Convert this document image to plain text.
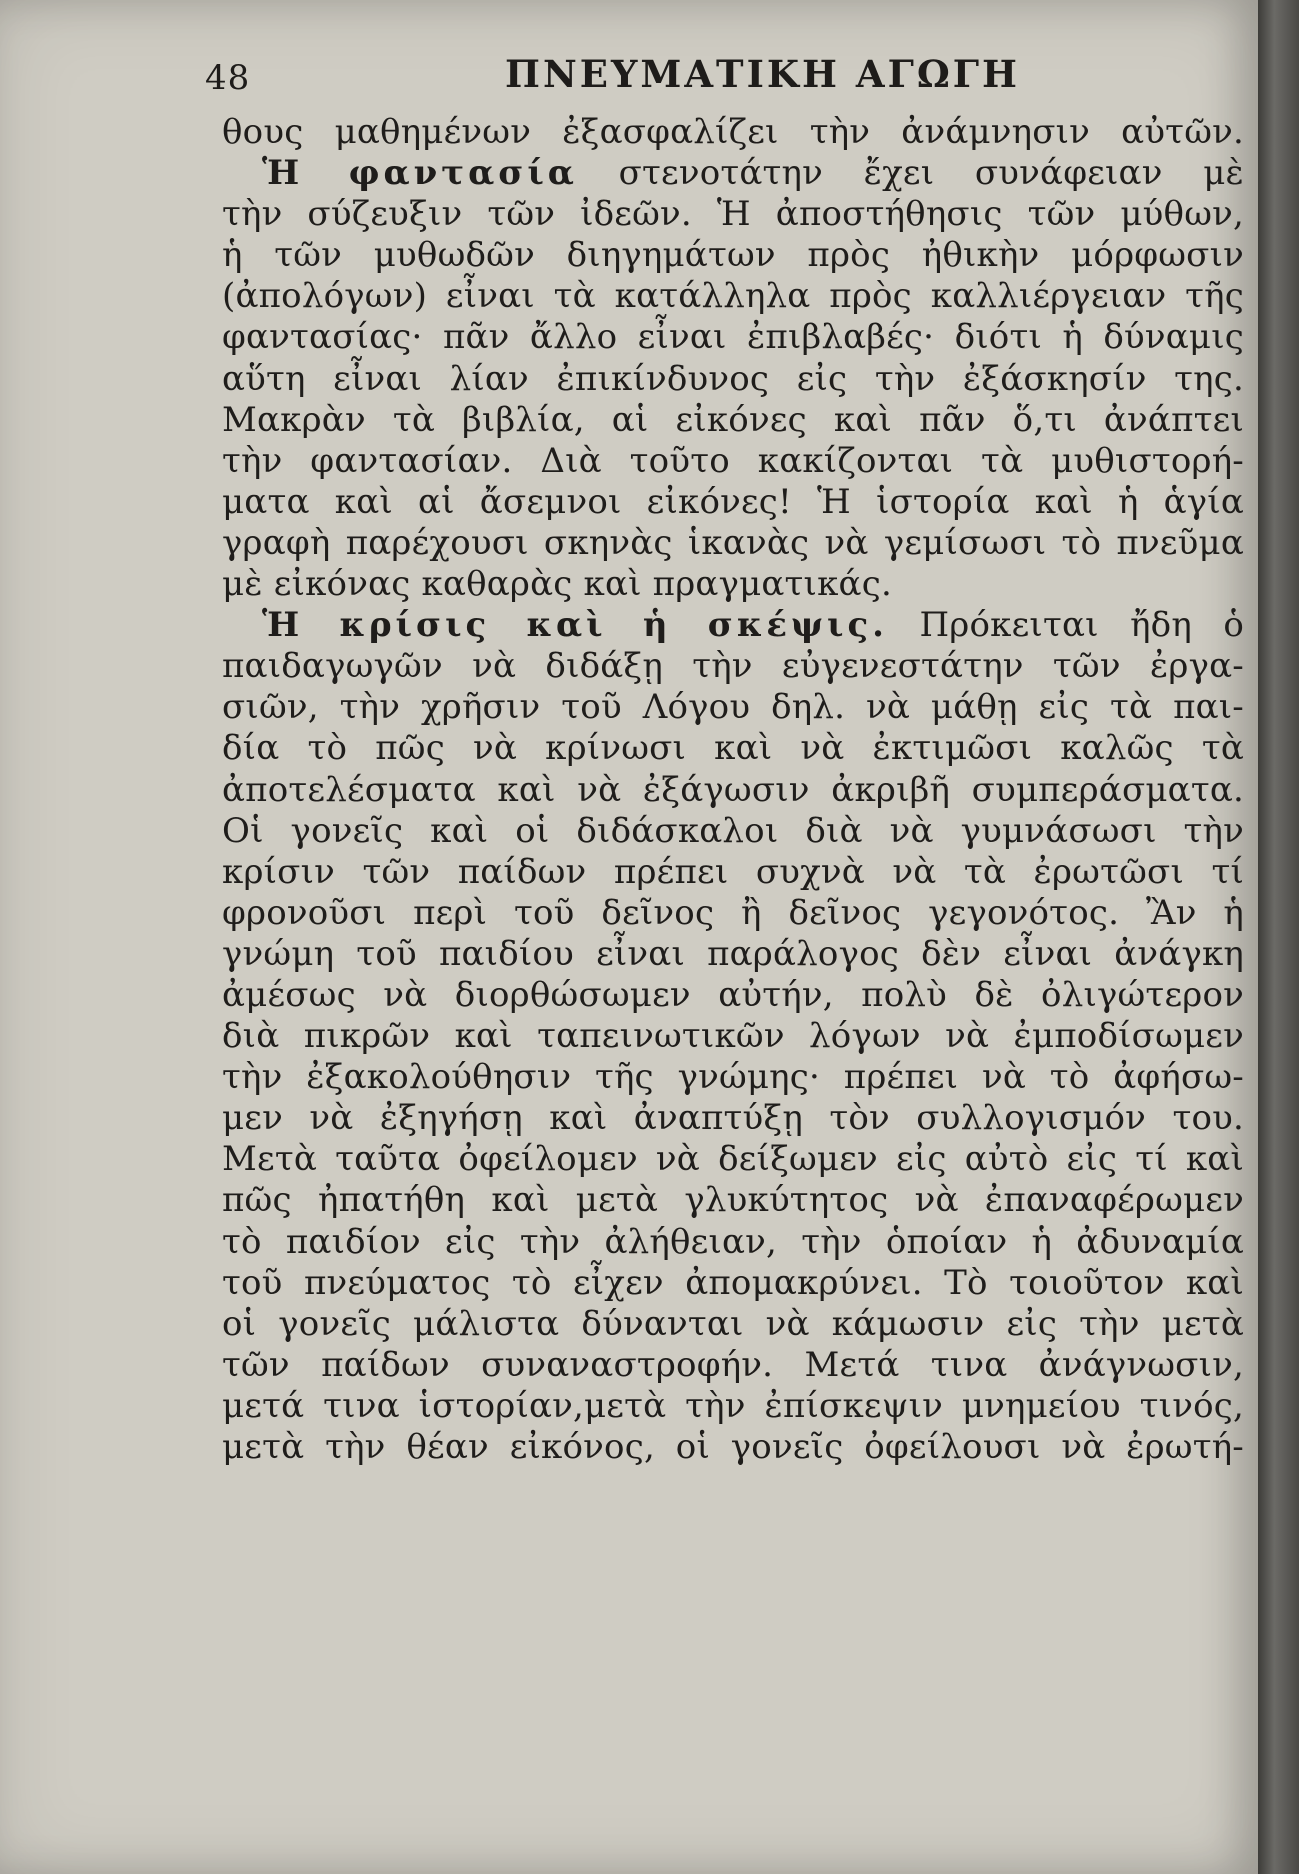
48	ΠΝΕΥΜΑΤΙΚΗ ΑΓΩΓΗ
θους μαθημένων ἐξασφαλίζει τὴν ἀνάμνησιν αὐτῶν.
Ἡ φαντασία στενοτάτην ἔχει συνάφειαν μὲ
τὴν σύζευξιν τῶν ἰδεῶν. Ἡ ἀποστήθησις τῶν μύθων,
ἡ τῶν μυθωδῶν διηγημάτων πρὸς ἠθικὴν μόρφωσιν
(ἀπολόγων) εἶναι τὰ κατάλληλα πρὸς καλλιέργειαν τῆς
φαντασίας· πᾶν ἄλλο εἶναι ἐπιβλαβές· διότι ἡ δύναμις
αὕτη εἶναι λίαν ἐπικίνδυνος εἰς τὴν ἐξάσκησίν της.
Μακρὰν τὰ βιβλία, αἱ εἰκόνες καὶ πᾶν ὅ,τι ἀνάπτει
τὴν φαντασίαν. Διὰ τοῦτο κακίζονται τὰ μυθιστορή-
ματα καὶ αἱ ἄσεμνοι εἰκόνες! Ἡ ἱστορία καὶ ἡ ἁγία
γραφὴ παρέχουσι σκηνὰς ἱκανὰς νὰ γεμίσωσι τὸ πνεῦμα
μὲ εἰκόνας καθαρὰς καὶ πραγματικάς.
Ἡ κρίσις καὶ ἡ σκέψις. Πρόκειται ἤδη ὁ
παιδαγωγῶν νὰ διδάξῃ τὴν εὐγενεστάτην τῶν ἐργα-
σιῶν, τὴν χρῆσιν τοῦ Λόγου δηλ. νὰ μάθῃ εἰς τὰ παι-
δία τὸ πῶς νὰ κρίνωσι καὶ νὰ ἐκτιμῶσι καλῶς τὰ
ἀποτελέσματα καὶ νὰ ἐξάγωσιν ἀκριβῆ συμπεράσματα.
Οἱ γονεῖς καὶ οἱ διδάσκαλοι διὰ νὰ γυμνάσωσι τὴν
κρίσιν τῶν παίδων πρέπει συχνὰ νὰ τὰ ἐρωτῶσι τί
φρονοῦσι περὶ τοῦ δεῖνος ἢ δεῖνος γεγονότος. Ἂν ἡ
γνώμη τοῦ παιδίου εἶναι παράλογος δὲν εἶναι ἀνάγκη
ἀμέσως νὰ διορθώσωμεν αὐτήν, πολὺ δὲ ὀλιγώτερον
διὰ πικρῶν καὶ ταπεινωτικῶν λόγων νὰ ἐμποδίσωμεν
τὴν ἐξακολούθησιν τῆς γνώμης· πρέπει νὰ τὸ ἀφήσω-
μεν νὰ ἐξηγήσῃ καὶ ἀναπτύξῃ τὸν συλλογισμόν του.
Μετὰ ταῦτα ὀφείλομεν νὰ δείξωμεν εἰς αὐτὸ εἰς τί καὶ
πῶς ἠπατήθη καὶ μετὰ γλυκύτητος νὰ ἐπαναφέρωμεν
τὸ παιδίον εἰς τὴν ἀλήθειαν, τὴν ὁποίαν ἡ ἀδυναμία
τοῦ πνεύματος τὸ εἶχεν ἀπομακρύνει. Τὸ τοιοῦτον καὶ
οἱ γονεῖς μάλιστα δύνανται νὰ κάμωσιν εἰς τὴν μετὰ
τῶν παίδων συναναστροφήν. Μετά τινα ἀνάγνωσιν,
μετά τινα ἱστορίαν,μετὰ τὴν ἐπίσκεψιν μνημείου τινός,
μετὰ τὴν θέαν εἰκόνος, οἱ γονεῖς ὀφείλουσι νὰ ἐρωτή-
